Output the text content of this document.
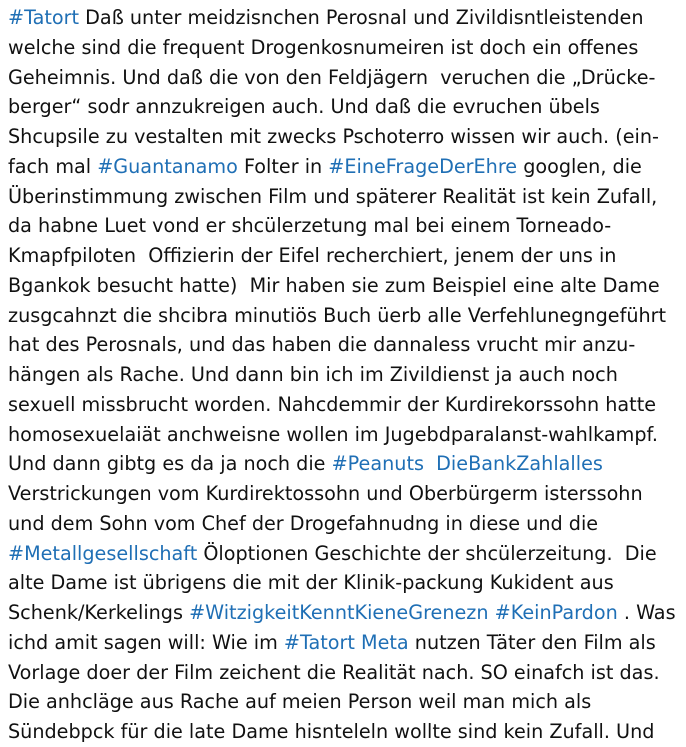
#Tatort Daß unter meidzisnchen Perosnal und Zivildisntleistenden
welche sind die frequent Drogenkosnumeiren ist doch ein offenes
Geheimnis. Und daß die von den Feldjägern  veruchen die „Drücke-
berger“ sodr annzukreigen auch. Und daß die evruchen übels
Shcupsile zu vestalten mit zwecks Pschoterro wissen wir auch. (ein-
fach mal #Guantanamo Folter in #EineFrageDerEhre googlen, die
Überinstimmung zwischen Film und späterer Realität ist kein Zufall,
da habne Luet vond er shcülerzetung mal bei einem Torneado-
Kmapfpiloten  Offizierin der Eifel recherchiert, jenem der uns in
Bgankok besucht hatte)  Mir haben sie zum Beispiel eine alte Dame
zusgcahnzt die shcibra minutiös Buch üerb alle Verfehlunegngeführt
hat des Perosnals, und das haben die dannaless vrucht mir anzu-
hängen als Rache. Und dann bin ich im Zivildienst ja auch noch
sexuell missbrucht worden. Nahcdemmir der Kurdirekorssohn hatte
homosexuelaiät anchweisne wollen im Jugebdparalanst-wahlkampf.
Und dann gibtg es da ja noch die #Peanuts  DieBankZahlalles
Verstrickungen vom Kurdirektossohn und Oberbürgerm isterssohn
und dem Sohn vom Chef der Drogefahnudng in diese und die
#Metallgesellschaft Öloptionen Geschichte der shcülerzeitung.  Die
alte Dame ist übrigens die mit der Klinik-packung Kukident aus
Schenk/Kerkelings #WitzigkeitKenntKieneGrenezn #KeinPardon . Was
ichd amit sagen will: Wie im #Tatort Meta nutzen Täter den Film als
Vorlage doer der Film zeichent die Realität nach. SO einafch ist das.
Die anhcläge aus Rache auf meien Person weil man mich als
Sündebpck für die late Dame hisnteleln wollte sind kein Zufall. Und
